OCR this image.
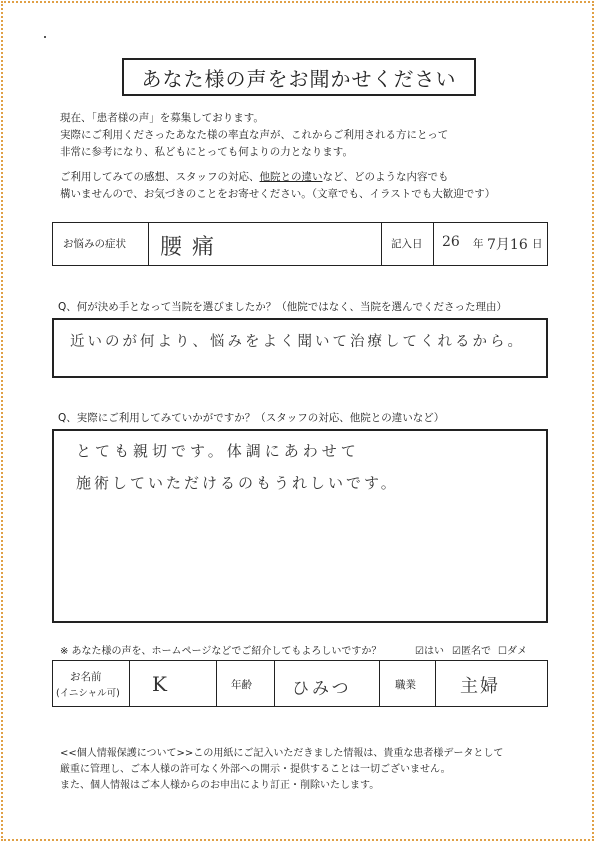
あなた様の声をお聞かせください
現在、「患者様の声」を募集しております。
実際にご利用くださったあなた様の率直な声が、これからご利用される方にとって
非常に参考になり、私どもにとっても何よりの力となります。
ご利用してみての感想、スタッフの対応、他院との違いなど、どのような内容でも
構いませんので、お気づきのことをお寄せください。（文章でも、イラストでも大歓迎です）
お悩みの症状 腰痛	記入日 26 年 7月16 日
Q、何が決め手となって当院を選びましたか？（他院ではなく、当院を選んでくださった理由）
近いのが何より、悩みをよく聞いて治療してくれるから。
Q、実際にご利用してみていかがですか？（スタッフの対応、他院との違いなど）
とても親切です。体調にあわせて
施術していただけるのもうれしいです。
※ あなた様の声を、ホームページなどでご紹介してもよろしいですか？	☑はい ☑匿名で ☐ダメ
お名前
(イニシャル可) K	年齢 ひみつ	職業 主婦
<<個人情報保護について>>この用紙にご記入いただきました情報は、貴重な患者様データとして
厳重に管理し、ご本人様の許可なく外部への開示・提供することは一切ございません。
また、個人情報はご本人様からのお申出により訂正・削除いたします。
